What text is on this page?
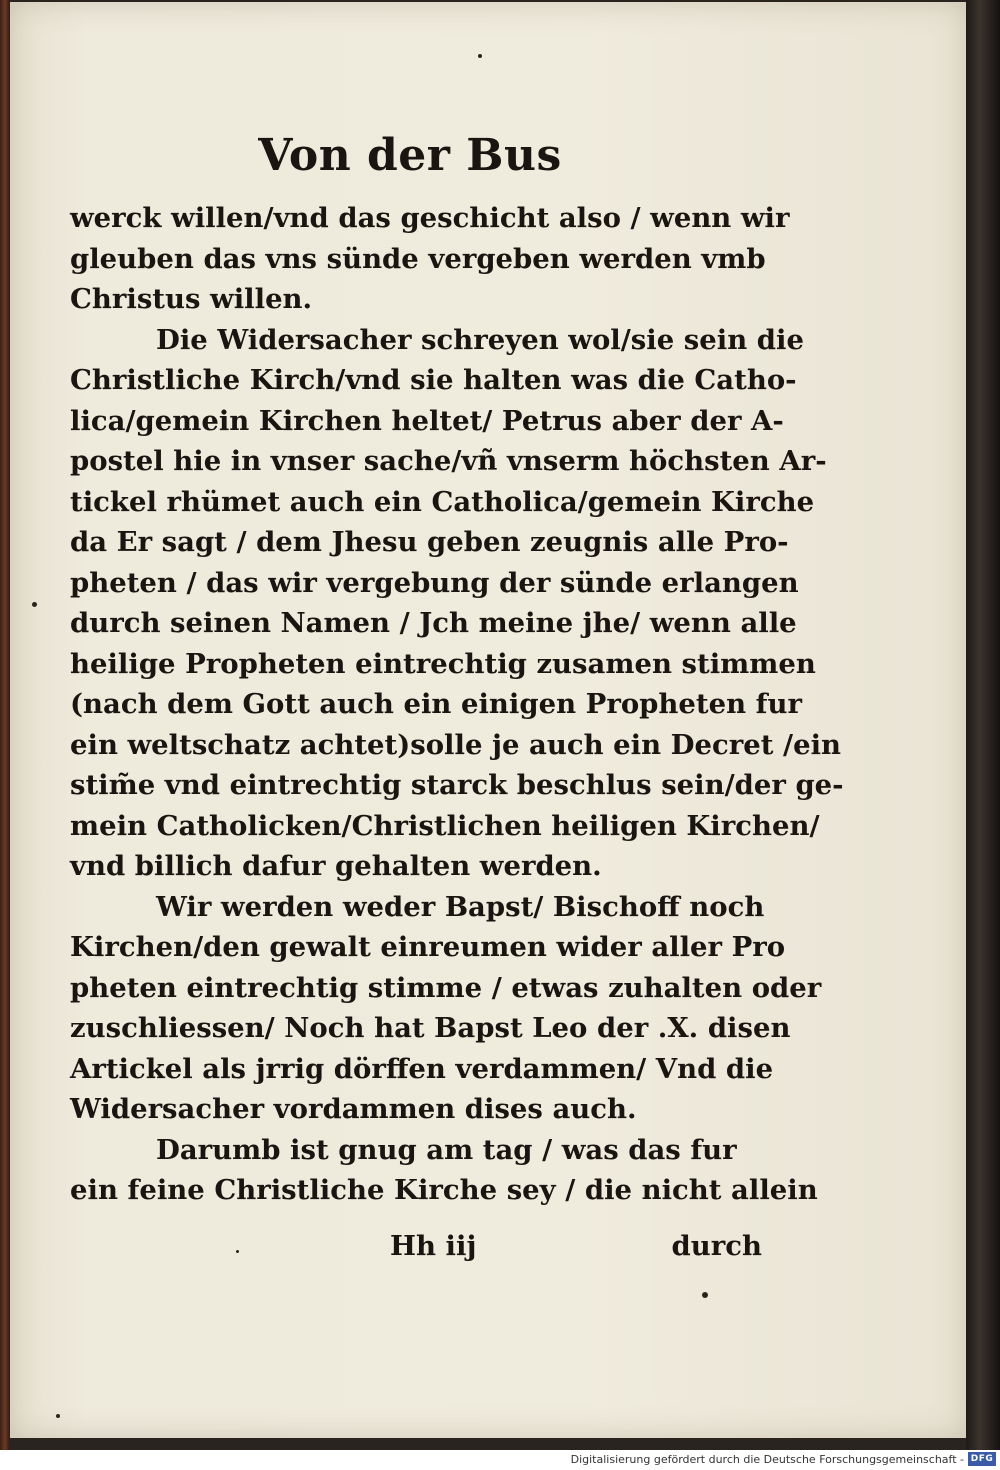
Von der Bus
werck willen/vnd das geschicht also / wenn wir
gleuben das vns sünde vergeben werden vmb
Christus willen.
Die Widersacher schreyen wol/sie sein die
Christliche Kirch/vnd sie halten was die Catho-
lica/gemein Kirchen heltet/ Petrus aber der A-
postel hie in vnser sache/vñ vnserm höchsten Ar-
tickel rhümet auch ein Catholica/gemein Kirche
da Er sagt / dem Jhesu geben zeugnis alle Pro-
pheten / das wir vergebung der sünde erlangen
durch seinen Namen / Jch meine jhe/ wenn alle
heilige Propheten eintrechtig zusamen stimmen
(nach dem Gott auch ein einigen Propheten fur
ein weltschatz achtet)solle je auch ein Decret /ein
stim̃e vnd eintrechtig starck beschlus sein/der ge-
mein Catholicken/Christlichen heiligen Kirchen/
vnd billich dafur gehalten werden.
Wir werden weder Bapst/ Bischoff noch
Kirchen/den gewalt einreumen wider aller Pro
pheten eintrechtig stimme / etwas zuhalten oder
zuschliessen/ Noch hat Bapst Leo der .X. disen
Artickel als jrrig dörffen verdammen/ Vnd die
Widersacher vordammen dises auch.
Darumb ist gnug am tag / was das fur
ein feine Christliche Kirche sey / die nicht allein
Hh iij	durch
Digitalisierung gefördert durch die Deutsche Forschungsgemeinschaft - DFG
